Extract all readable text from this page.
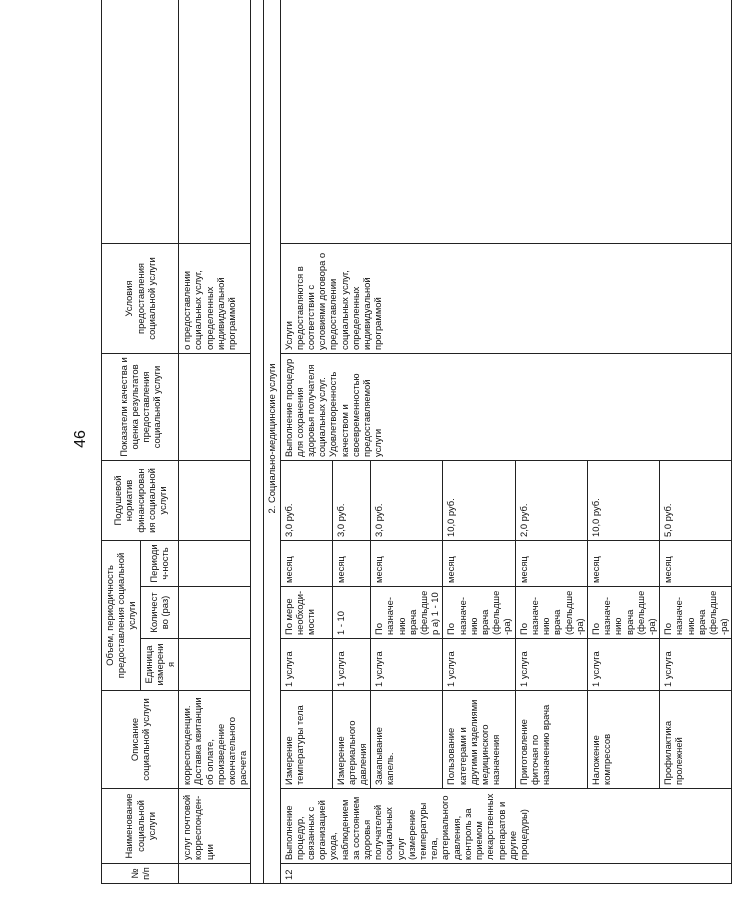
46
№ п/п	Наименование социальной услуги	Описание социальной услуги	Объем, периодичность предоставления социальной услуги			Подушевой норматив финансирован ия социальной услуги	Показатели качества и оценка результатов предоставления социальной услуги	Условия предоставления социальной услуги	
			Единица измерения	Количество (раз)	Периодич-ность				
	услуг почтовой корреспонден-ции	корреспонденции. Доставка квитанции об оплате, произведение окончательного расчета						о предоставлении социальных услуг, определенных индивидуальной программой	

2. Социально-медицинские услуги									
12	Выполнение процедур, связанных с организацией ухода, наблюдением за состоянием здоровья получателей социальных услуг (измерение температуры тела, артериального давления, контроль за приемом лекарственных препаратов и другие процедуры)	Измерение температуры тела	1 услуга	По мере необходи-мости	месяц	3,0 руб.	Выполнение процедур для сохранения здоровья получателя социальных услуг. Удовлетворенность качеством и своевременностью предоставляемой услуги	Услуги предоставляются в соответствии с условиями договора о предоставлении социальных услуг, определенных индивидуальной программой	
		Измерение артериального давления	1 услуга	1 - 10	месяц	3,0 руб.			
		Закапывание капель.	1 услуга	По назначе-нию врача (фельдшер а) 1 - 10	месяц	3,0 руб.			
		Пользование катетерами и другими изделиями медицинского назначения	1 услуга	По назначе-нию врача (фельдше-ра)	месяц	10,0 руб.			
		Приготовление фиточая по назначению врача	1 услуга	По назначе-нию врача (фельдше-ра)	месяц	2,0 руб.			
		Наложение компрессов	1 услуга	По назначе-нию врача (фельдше-ра)	месяц	10,0 руб.			
		Профилактика пролежней	1 услуга	По назначе-нию врача (фельдше-ра)	месяц	5,0 руб.			
